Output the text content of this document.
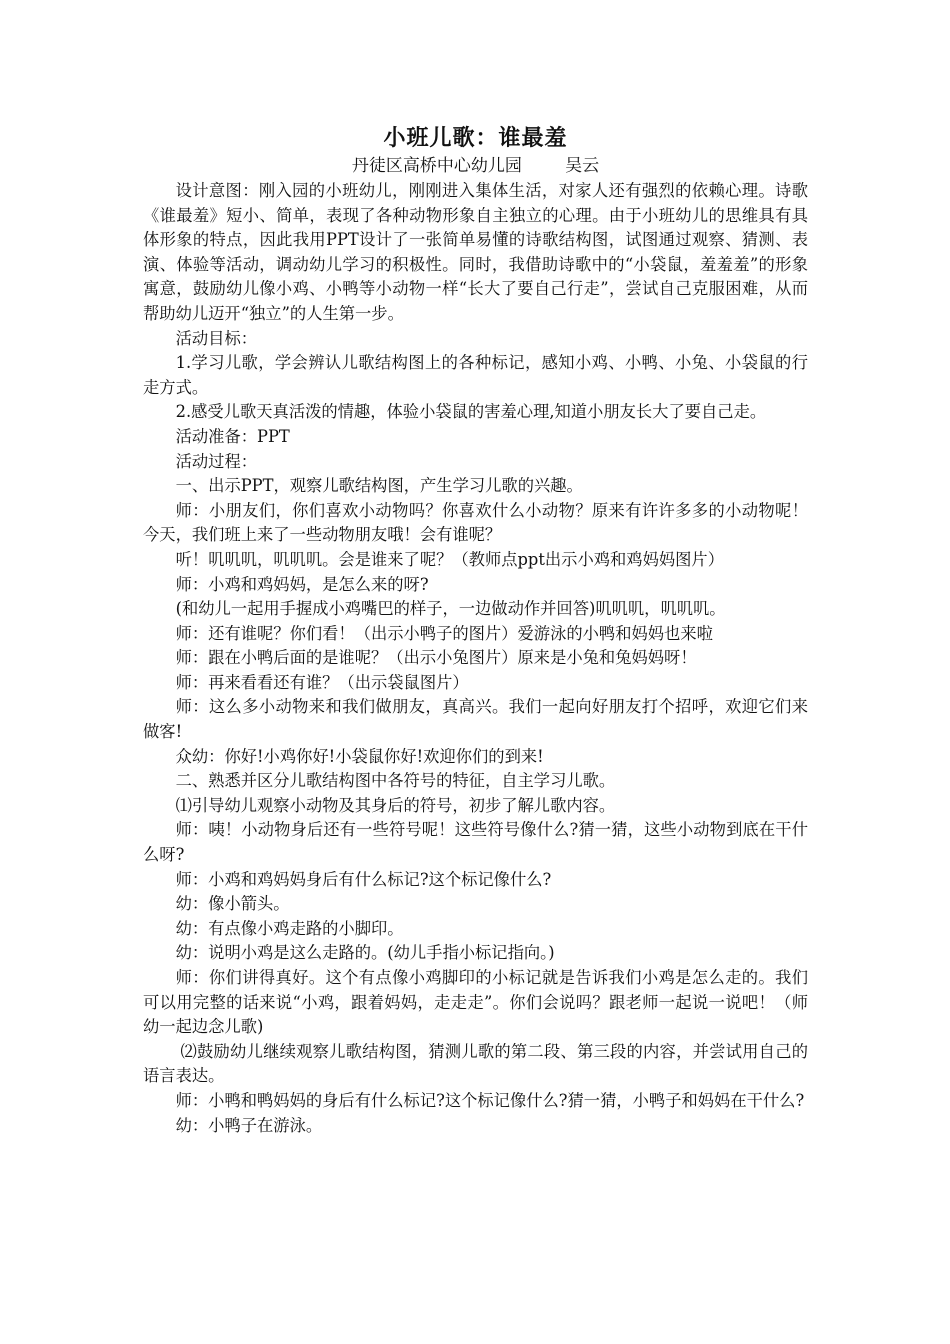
小班儿歌：谁最羞

丹徒区高桥中心幼儿园        吴云

设计意图：刚入园的小班幼儿，刚刚进入集体生活，对家人还有强烈的依赖心理。诗歌《谁最羞》短小、简单，表现了各种动物形象自主独立的心理。由于小班幼儿的思维具有具体形象的特点，因此我用PPT设计了一张简单易懂的诗歌结构图，试图通过观察、猜测、表演、体验等活动，调动幼儿学习的积极性。同时，我借助诗歌中的“小袋鼠，羞羞羞”的形象寓意，鼓励幼儿像小鸡、小鸭等小动物一样“长大了要自己行走”，尝试自己克服困难，从而帮助幼儿迈开“独立”的人生第一步。

活动目标：

1.学习儿歌，学会辨认儿歌结构图上的各种标记，感知小鸡、小鸭、小兔、小袋鼠的行走方式。

2.感受儿歌天真活泼的情趣，体验小袋鼠的害羞心理,知道小朋友长大了要自己走。

活动准备：PPT

活动过程：

一、出示PPT，观察儿歌结构图，产生学习儿歌的兴趣。

师：小朋友们，你们喜欢小动物吗？你喜欢什么小动物？原来有许许多多的小动物呢！今天，我们班上来了一些动物朋友哦！会有谁呢？

听！叽叽叽，叽叽叽。会是谁来了呢？（教师点ppt出示小鸡和鸡妈妈图片）

师：小鸡和鸡妈妈，是怎么来的呀?

(和幼儿一起用手握成小鸡嘴巴的样子，一边做动作并回答)叽叽叽，叽叽叽。

师：还有谁呢？你们看！（出示小鸭子的图片）爱游泳的小鸭和妈妈也来啦

师：跟在小鸭后面的是谁呢？（出示小兔图片）原来是小兔和兔妈妈呀！

师：再来看看还有谁？（出示袋鼠图片）

师：这么多小动物来和我们做朋友，真高兴。我们一起向好朋友打个招呼，欢迎它们来做客!

众幼：你好!小鸡你好!小袋鼠你好!欢迎你们的到来!

二、熟悉并区分儿歌结构图中各符号的特征，自主学习儿歌。

⑴引导幼儿观察小动物及其身后的符号，初步了解儿歌内容。

师：咦！小动物身后还有一些符号呢！这些符号像什么?猜一猜，这些小动物到底在干什么呀?

师：小鸡和鸡妈妈身后有什么标记?这个标记像什么?

幼：像小箭头。

幼：有点像小鸡走路的小脚印。

幼：说明小鸡是这么走路的。(幼儿手指小标记指向。)

师：你们讲得真好。这个有点像小鸡脚印的小标记就是告诉我们小鸡是怎么走的。我们可以用完整的话来说“小鸡，跟着妈妈，走走走”。你们会说吗？跟老师一起说一说吧！（师幼一起边念儿歌)

⑵鼓励幼儿继续观察儿歌结构图，猜测儿歌的第二段、第三段的内容，并尝试用自己的语言表达。

师：小鸭和鸭妈妈的身后有什么标记?这个标记像什么?猜一猜，小鸭子和妈妈在干什么?

幼：小鸭子在游泳。
